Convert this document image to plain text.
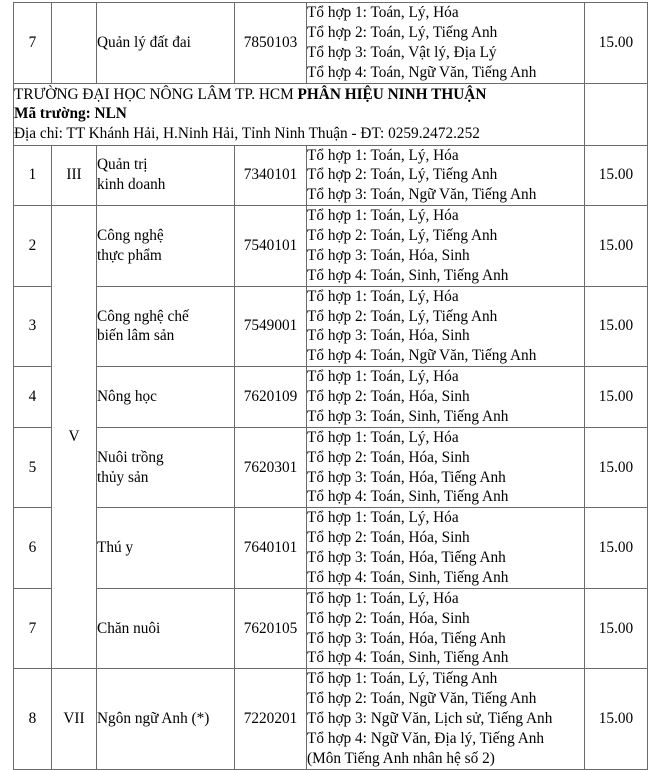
7		Quản lý đất đai	7850103	Tổ hợp 1: Toán, Lý, Hóa
Tổ hợp 2: Toán, Lý, Tiếng Anh
Tổ hợp 3: Toán, Vật lý, Địa Lý
Tổ hợp 4: Toán, Ngữ Văn, Tiếng Anh	15.00

TRƯỜNG ĐẠI HỌC NÔNG LÂM TP. HCM PHÂN HIỆU NINH THUẬN
Mã trường: NLN
Địa chỉ: TT Khánh Hải, H.Ninh Hải, Tỉnh Ninh Thuận - ĐT: 0259.2472.252					

1	III	Quản trị
kinh doanh	7340101	Tổ hợp 1: Toán, Lý, Hóa
Tổ hợp 2: Toán, Lý, Tiếng Anh
Tổ hợp 3: Toán, Ngữ Văn, Tiếng Anh	15.00
2	V	Công nghệ
thực phẩm	7540101	Tổ hợp 1: Toán, Lý, Hóa
Tổ hợp 2: Toán, Lý, Tiếng Anh
Tổ hợp 3: Toán, Hóa, Sinh
Tổ hợp 4: Toán, Sinh, Tiếng Anh	15.00
3		Công nghệ chế
biến lâm sản	7549001	Tổ hợp 1: Toán, Lý, Hóa
Tổ hợp 2: Toán, Lý, Tiếng Anh
Tổ hợp 3: Toán, Hóa, Sinh
Tổ hợp 4: Toán, Ngữ Văn, Tiếng Anh	15.00
4		Nông học	7620109	Tổ hợp 1: Toán, Lý, Hóa
Tổ hợp 2: Toán, Hóa, Sinh
Tổ hợp 3: Toán, Sinh, Tiếng Anh	15.00
5		Nuôi trồng
thủy sản	7620301	Tổ hợp 1: Toán, Lý, Hóa
Tổ hợp 2: Toán, Hóa, Sinh
Tổ hợp 3: Toán, Hóa, Tiếng Anh
Tổ hợp 4: Toán, Sinh, Tiếng Anh	15.00
6		Thú y	7640101	Tổ hợp 1: Toán, Lý, Hóa
Tổ hợp 2: Toán, Hóa, Sinh
Tổ hợp 3: Toán, Hóa, Tiếng Anh
Tổ hợp 4: Toán, Sinh, Tiếng Anh	15.00
7		Chăn nuôi	7620105	Tổ hợp 1: Toán, Lý, Hóa
Tổ hợp 2: Toán, Hóa, Sinh
Tổ hợp 3: Toán, Hóa, Tiếng Anh
Tổ hợp 4: Toán, Sinh, Tiếng Anh	15.00
8	VII	Ngôn ngữ Anh (*)	7220201	Tổ hợp 1: Toán, Lý, Tiếng Anh
Tổ hợp 2: Toán, Ngữ Văn, Tiếng Anh
Tổ hợp 3: Ngữ Văn, Lịch sử, Tiếng Anh
Tổ hợp 4: Ngữ Văn, Địa lý, Tiếng Anh
(Môn Tiếng Anh nhân hệ số 2)	15.00
